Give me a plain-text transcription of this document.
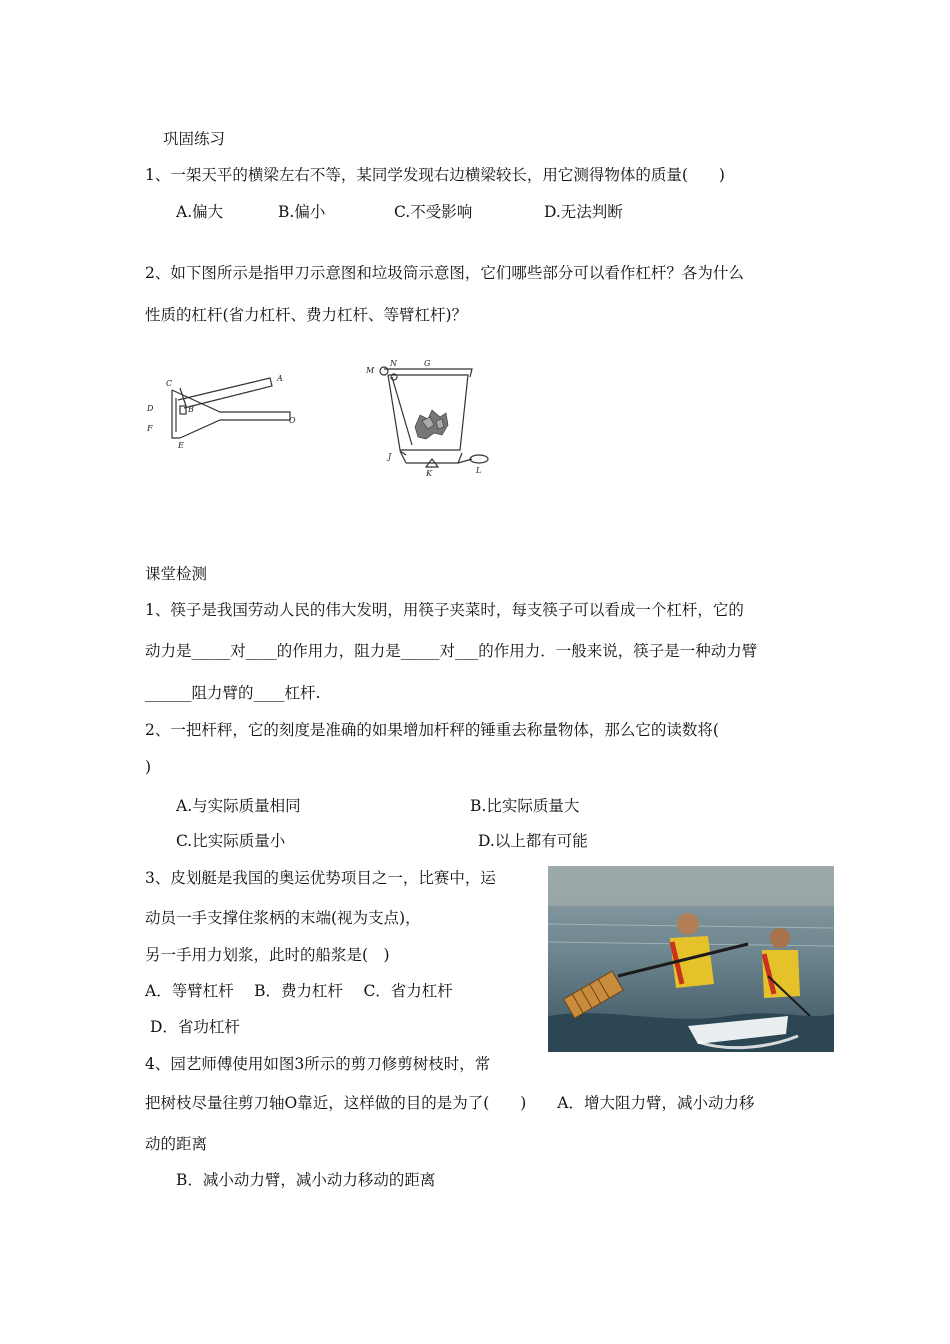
巩固练习
1、一架天平的横梁左右不等，某同学发现右边横梁较长，用它测得物体的质量(　　)
A.偏大	B.偏小	C.不受影响	D.无法判断
2、如下图所示是指甲刀示意图和垃圾筒示意图，它们哪些部分可以看作杠杆？各为什么
性质的杠杆(省力杠杆、费力杠杆、等臂杠杆)？
C
A
D	B
F
O
E
M
N	G
J
K	L
课堂检测
1、筷子是我国劳动人民的伟大发明，用筷子夹菜时，每支筷子可以看成一个杠杆，它的
动力是_____对____的作用力，阻力是_____对___的作用力．一般来说，筷子是一种动力臂
______阻力臂的____杠杆.
2、一把杆秤，它的刻度是准确的如果增加杆秤的锤重去称量物体，那么它的读数将(
)
A.与实际质量相同	B.比实际质量大
C.比实际质量小	D.以上都有可能
3、皮划艇是我国的奥运优势项目之一，比赛中，运
动员一手支撑住浆柄的末端(视为支点)，
另一手用力划浆，此时的船浆是(　)
A．等臂杠杆　 B．费力杠杆　 C．省力杠杆
D．省功杠杆
4、园艺师傅使用如图3所示的剪刀修剪树枝时，常
把树枝尽量往剪刀轴O靠近，这样做的目的是为了(　　)　　A．增大阻力臂，减小动力移
动的距离
B．减小动力臂，减小动力移动的距离
